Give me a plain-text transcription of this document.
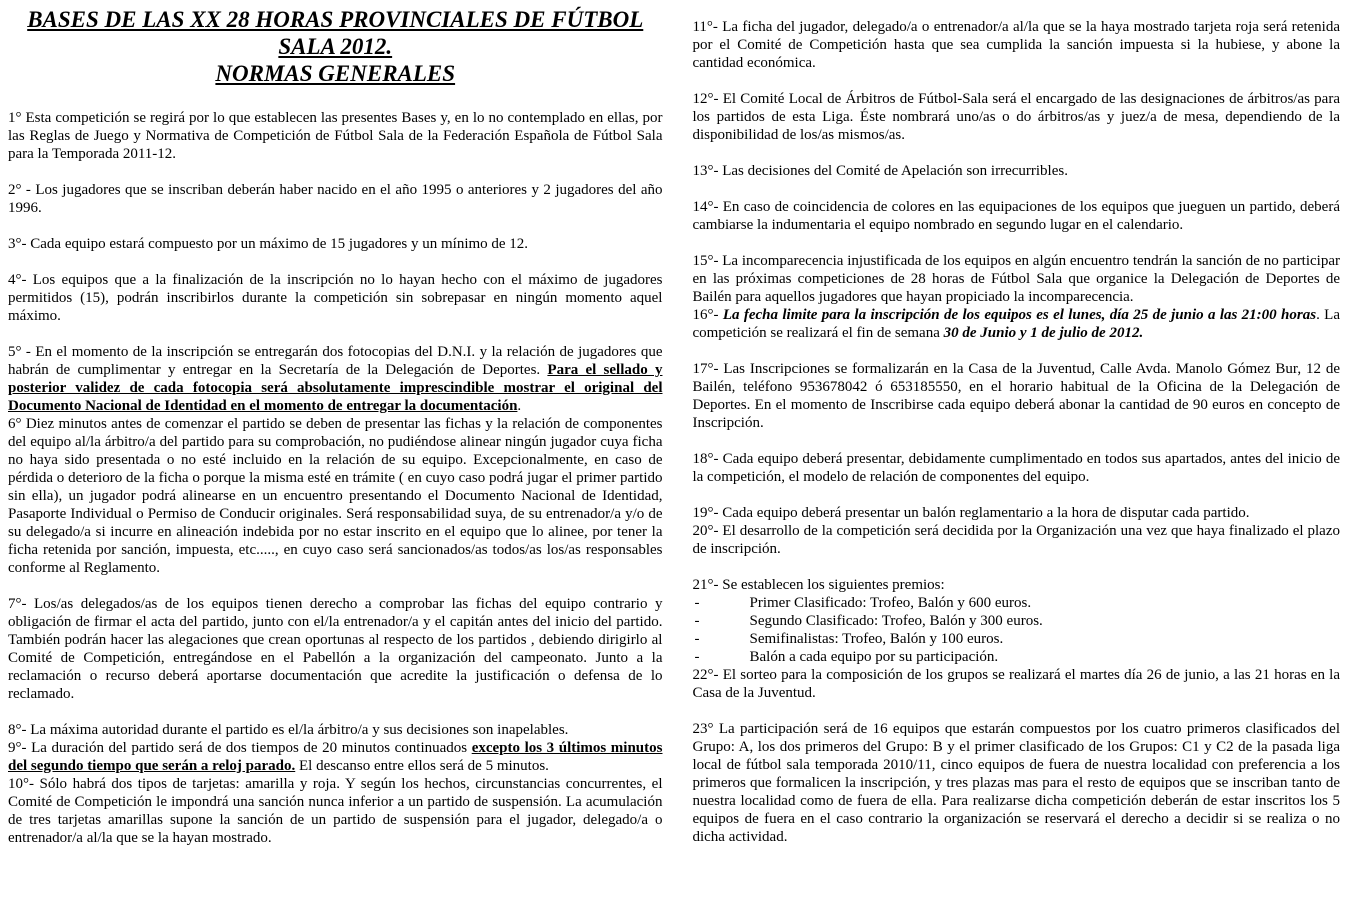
BASES DE LAS XX 28 HORAS PROVINCIALES DE FÚTBOL SALA 2012.
NORMAS GENERALES

1° Esta competición se regirá por lo que establecen las presentes Bases y, en lo no contemplado en ellas, por las Reglas de Juego y Normativa de Competición de Fútbol Sala de la Federación Española de Fútbol Sala para la Temporada 2011-12.

2° - Los jugadores que se inscriban deberán haber nacido en el año 1995 o anteriores y 2 jugadores del año 1996.

3°- Cada equipo estará compuesto por un máximo de 15 jugadores y un mínimo de 12.

4°- Los equipos que a la finalización de la inscripción no lo hayan hecho con el máximo de jugadores permitidos (15), podrán inscribirlos durante la competición sin sobrepasar en ningún momento aquel máximo.

5° - En el momento de la inscripción se entregarán dos fotocopias del D.N.I. y la relación de jugadores que habrán de cumplimentar y entregar en la Secretaría de la Delegación de Deportes. Para el sellado y posterior validez de cada fotocopia será absolutamente imprescindible mostrar el original del Documento Nacional de Identidad en el momento de entregar la documentación.

6° Diez minutos antes de comenzar el partido se deben de presentar las fichas y la relación de componentes del equipo al/la árbitro/a del partido para su comprobación, no pudiéndose alinear ningún jugador cuya ficha no haya sido presentada o no esté incluido en la relación de su equipo. Excepcionalmente, en caso de pérdida o deterioro de la ficha o porque la misma esté en trámite ( en cuyo caso podrá jugar el primer partido sin ella), un jugador podrá alinearse en un encuentro presentando el Documento Nacional de Identidad, Pasaporte Individual o Permiso de Conducir originales. Será responsabilidad suya, de su entrenador/a y/o de su delegado/a si incurre en alineación indebida por no estar inscrito en el equipo que lo alinee, por tener la ficha retenida por sanción, impuesta, etc....., en cuyo caso será sancionados/as todos/as los/as responsables conforme al Reglamento.

7°- Los/as delegados/as de los equipos tienen derecho a comprobar las fichas del equipo contrario y obligación de firmar el acta del partido, junto con el/la entrenador/a y el capitán antes del inicio del partido. También podrán hacer las alegaciones que crean oportunas al respecto de los partidos , debiendo dirigirlo al Comité de Competición, entregándose en el Pabellón a la organización del campeonato. Junto a la reclamación o recurso deberá aportarse documentación que acredite la justificación o defensa de lo reclamado.

8°- La máxima autoridad durante el partido es el/la árbitro/a y sus decisiones son inapelables.

9°- La duración del partido será de dos tiempos de 20 minutos continuados excepto los 3 últimos minutos del segundo tiempo que serán a reloj parado. El descanso entre ellos será de 5 minutos.

10°- Sólo habrá dos tipos de tarjetas: amarilla y roja. Y según los hechos, circunstancias concurrentes, el Comité de Competición le impondrá una sanción nunca inferior a un partido de suspensión. La acumulación de tres tarjetas amarillas supone la sanción de un partido de suspensión para el jugador, delegado/a o entrenador/a al/la que se la hayan mostrado.

11°- La ficha del jugador, delegado/a o entrenador/a al/la que se la haya mostrado tarjeta roja será retenida por el Comité de Competición hasta que sea cumplida la sanción impuesta si la hubiese, y abone la cantidad económica.

12°- El Comité Local de Árbitros de Fútbol-Sala será el encargado de las designaciones de árbitros/as para los partidos de esta Liga. Éste nombrará uno/as o do árbitros/as y juez/a de mesa, dependiendo de la disponibilidad de los/as mismos/as.

13°- Las decisiones del Comité de Apelación son irrecurribles.

14°- En caso de coincidencia de colores en las equipaciones de los equipos que jueguen un partido, deberá cambiarse la indumentaria el equipo nombrado en segundo lugar en el calendario.

15°- La incomparecencia injustificada de los equipos en algún encuentro tendrán la sanción de no participar en las próximas competiciones de 28 horas de Fútbol Sala que organice la Delegación de Deportes de Bailén para aquellos jugadores que hayan propiciado la incomparecencia.

16°- La fecha limite para la inscripción de los equipos es el lunes, día 25 de junio a las 21:00 horas. La competición se realizará el fin de semana 30 de Junio y 1 de julio de 2012.

17°- Las Inscripciones se formalizarán en la Casa de la Juventud, Calle Avda. Manolo Gómez Bur, 12 de Bailén, teléfono 953678042 ó 653185550, en el horario habitual de la Oficina de la Delegación de Deportes. En el momento de Inscribirse cada equipo deberá abonar la cantidad de 90 euros en concepto de Inscripción.

18°- Cada equipo deberá presentar, debidamente cumplimentado en todos sus apartados, antes del inicio de la competición, el modelo de relación de componentes del equipo.

19°- Cada equipo deberá presentar un balón reglamentario a la hora de disputar cada partido.

20°- El desarrollo de la competición será decidida por la Organización una vez que haya finalizado el plazo de inscripción.

21°- Se establecen los siguientes premios:

-	Primer Clasificado: Trofeo, Balón y 600 euros.

-	Segundo Clasificado: Trofeo, Balón y 300 euros.

-	Semifinalistas: Trofeo, Balón y 100 euros.

-	Balón a cada equipo por su participación.

22°- El sorteo para la composición de los grupos se realizará el martes día 26 de junio, a las 21 horas en la Casa de la Juventud.

23° La participación será de 16 equipos que estarán compuestos por los cuatro primeros clasificados del Grupo: A, los dos primeros del Grupo: B y el primer clasificado de los Grupos: C1 y C2 de la pasada liga local de fútbol sala temporada 2010/11, cinco equipos de fuera de nuestra localidad con preferencia a los primeros que formalicen la inscripción, y tres plazas mas para el resto de equipos que se inscriban tanto de nuestra localidad como de fuera de ella. Para realizarse dicha competición deberán de estar inscritos los 5 equipos de fuera en el caso contrario la organización se reservará el derecho a decidir si se realiza o no dicha actividad.
